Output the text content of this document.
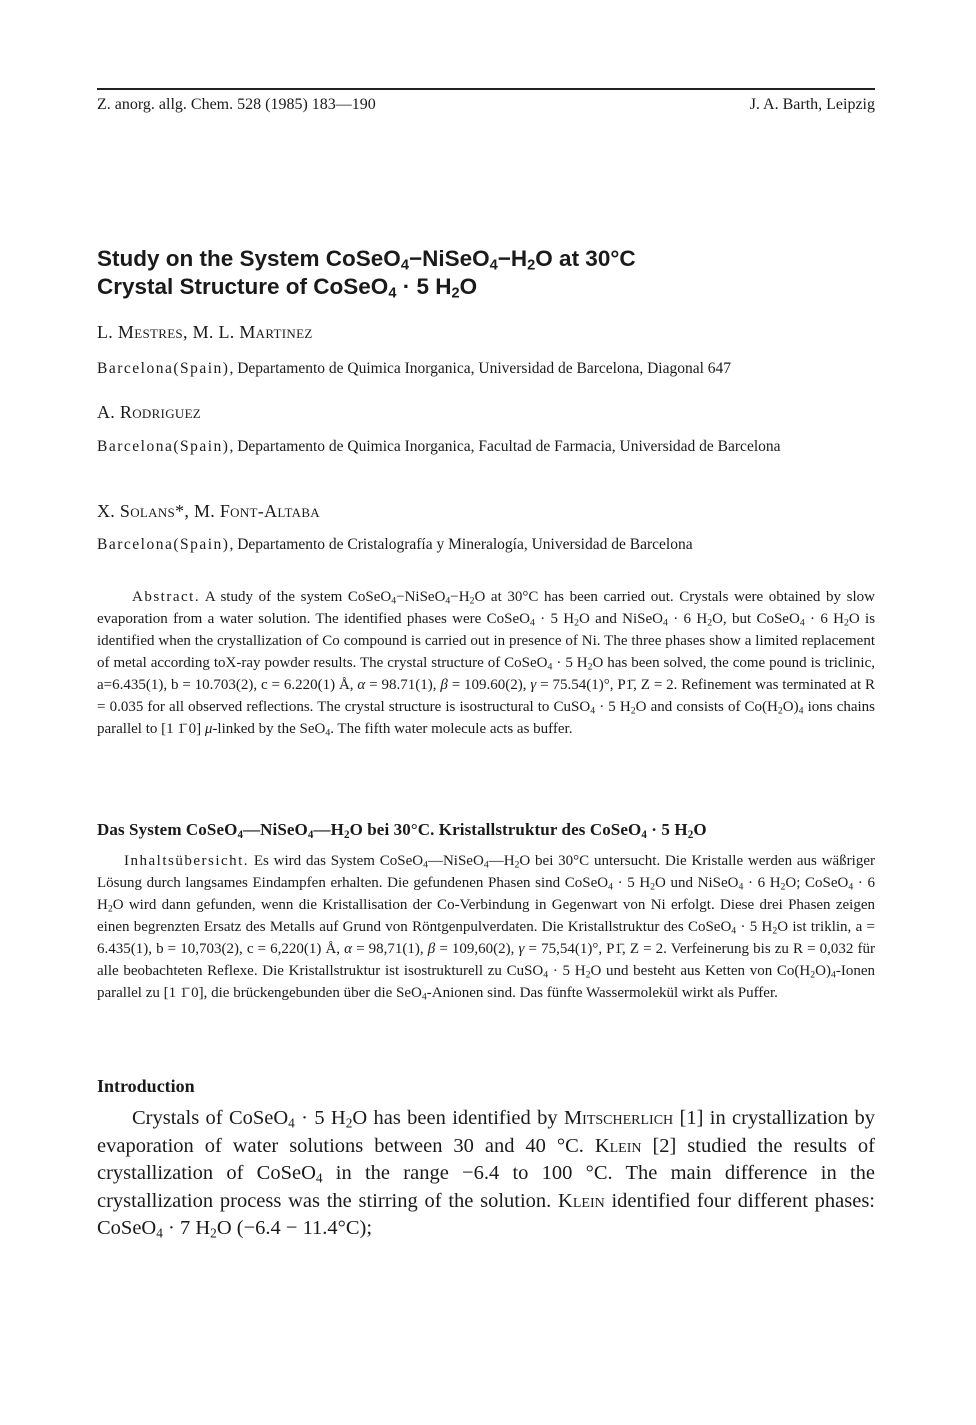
Z. anorg. allg. Chem. 528 (1985) 183—190	J. A. Barth, Leipzig
Study on the System $CoSeO_4-NiSeO_4-H_2O$ at 30°C
Crystal Structure of CoSeO$_4$ · 5 $H_2O$
L. Mestres, M. L. Martinez
Barcelona(Spain), Departamento de Quimica Inorganica, Universidad de Barcelona, Diagonal 647
A. Rodriguez
Barcelona(Spain), Departamento de Quimica Inorganica, Facultad de Farmacia, Universidad de Barcelona
X. Solans*, M. Font-Altaba
Barcelona(Spain), Departamento de Cristalografía y Mineralogía, Universidad de Barcelona
Abstract. A study of the system $CoSeO_4-NiSeO_4-H_2O$ at 30°C has been carried out. Crystals were obtained by slow evaporation from a water solution. The identified phases were CoSeO$_4$ · 5 $H_2O$ and NiSeO$_4$ · 6 $H_2O$, but CoSeO$_4$ · 6 $H_2O$ is identified when the crystallization of Co compound is carried out in presence of Ni. The three phases show a limited replacement of metal according toX-ray powder results. The crystal structure of CoSeO$_4$ · 5 $H_2O$ has been solved, the come pound is triclinic, a=6.435(1), b = 10.703(2), c = 6.220(1) Å, α = 98.71(1), β = 109.60(2), γ = 75.54(1)°, P1̄, Z = 2. Refinement was terminated at R = 0.035 for all observed reflections. The crystal structure is isostructural to CuSO$_4$ · 5 $H_2O$ and consists of $Co(H_2O)_4$ ions chains parallel to [1 1̄ 0] μ-linked by the SeO$_4$. The fifth water molecule acts as buffer.
Das System $CoSeO_4—NiSeO_4—H_2O$ bei 30°C. Kristallstruktur des CoSeO$_4$ · 5 $H_2O$
Inhaltsübersicht. Es wird das System $CoSeO_4—NiSeO_4—H_2O$ bei 30°C untersucht. Die Kristalle werden aus wäßriger Lösung durch langsames Eindampfen erhalten. Die gefundenen Phasen sind CoSeO$_4$ · 5 $H_2O$ und NiSeO$_4$ · 6 $H_2O$; CoSeO$_4$ · 6 $H_2O$ wird dann gefunden, wenn die Kristallisation der Co-Verbindung in Gegenwart von Ni erfolgt. Diese drei Phasen zeigen einen begrenzten Ersatz des Metalls auf Grund von Röntgenpulverdaten. Die Kristallstruktur des CoSeO$_4$ · 5 $H_2O$ ist triklin, a = 6.435(1), b = 10,703(2), c = 6,220(1) Å, α = 98,71(1), β = 109,60(2), γ = 75,54(1)°, P1̄, Z = 2. Verfeinerung bis zu R = 0,032 für alle beobachteten Reflexe. Die Kristallstruktur ist isostrukturell zu CuSO$_4$ · 5 $H_2O$ und besteht aus Ketten von $Co(H_2O)_4$-Ionen parallel zu [1 1̄ 0], die brückengebunden über die SeO$_4$-Anionen sind. Das fünfte Wassermolekül wirkt als Puffer.
Introduction
Crystals of CoSeO$_4$ · 5 $H_2O$ has been identified by Mitscherlich [1] in crystallization by evaporation of water solutions between 30 and 40 °C. Klein [2] studied the results of crystallization of CoSeO$_4$ in the range −6.4 to 100 °C. The main difference in the crystallization process was the stirring of the solution. Klein identified four different phases: CoSeO$_4$ · 7 $H_2O$ (−6.4 − 11.4°C);
